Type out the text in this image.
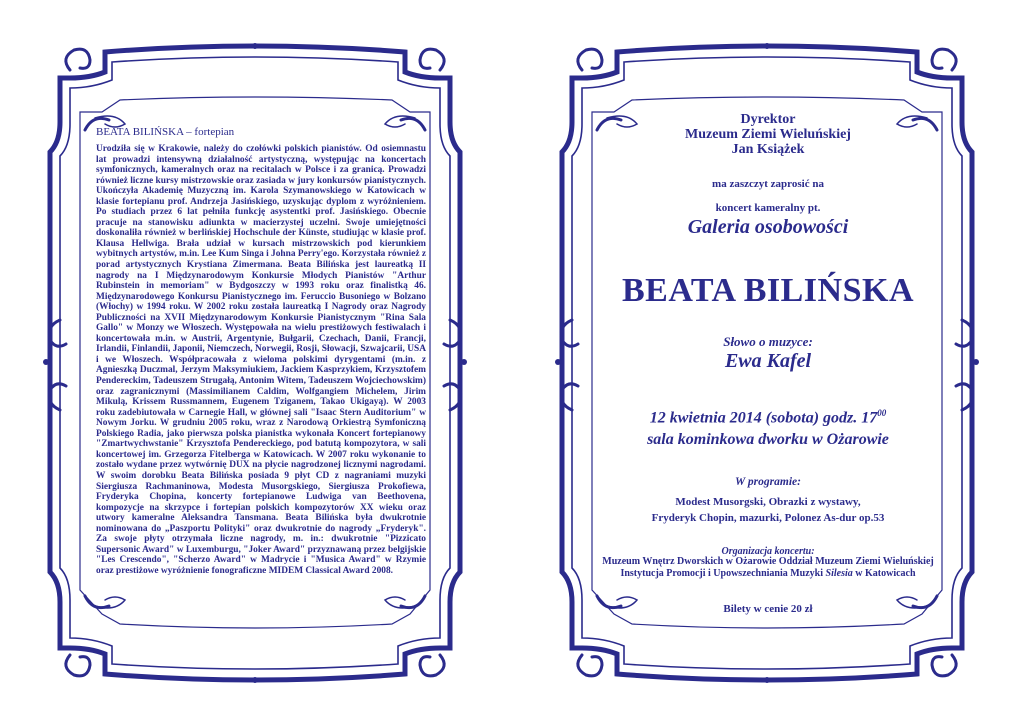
BEATA BILIŃSKA – fortepian

Urodziła się w Krakowie, należy do czołówki polskich pianistów. Od osiemnastu lat prowadzi intensywną działalność artystyczną, występując na koncertach symfonicznych, kameralnych oraz na recitalach w Polsce i za granicą. Prowadzi również liczne kursy mistrzowskie oraz zasiada w jury konkursów pianistycznych. Ukończyła Akademię Muzyczną im. Karola Szymanowskiego w Katowicach w klasie fortepianu prof. Andrzeja Jasińskiego, uzyskując dyplom z wyróżnieniem. Po studiach przez 6 lat pełniła funkcję asystentki prof. Jasińskiego. Obecnie pracuje na stanowisku adiunkta w macierzystej uczelni. Swoje umiejętności doskonaliła również w berlińskiej Hochschule der Künste, studiując w klasie prof. Klausa Hellwiga. Brała udział w kursach mistrzowskich pod kierunkiem wybitnych artystów, m.in. Lee Kum Singa i Johna Perry'ego. Korzystała również z porad artystycznych Krystiana Zimermana. Beata Bilińska jest laureatką II nagrody na I Międzynarodowym Konkursie Młodych Pianistów "Arthur Rubinstein in memoriam" w Bydgoszczy w 1993 roku oraz finalistką 46. Międzynarodowego Konkursu Pianistycznego im. Feruccio Busoniego w Bolzano (Włochy) w 1994 roku. W 2002 roku została laureatką I Nagrody oraz Nagrody Publiczności na XVII Międzynarodowym Konkursie Pianistycznym "Rina Sala Gallo" w Monzy we Włoszech. Występowała na wielu prestiżowych festiwalach i koncertowała m.in. w Austrii, Argentynie, Bułgarii, Czechach, Danii, Francji, Irlandii, Finlandii, Japonii, Niemczech, Norwegii, Rosji, Słowacji, Szwajcarii, USA i we Włoszech. Współpracowała z wieloma polskimi dyrygentami (m.in. z Agnieszką Duczmal, Jerzym Maksymiukiem, Jackiem Kasprzykiem, Krzysztofem Pendereckim, Tadeuszem Strugałą, Antonim Witem, Tadeuszem Wojciechowskim) oraz zagranicznymi (Massimilianem Caldim, Wolfgangiem Michelem, Jirim Mikulą, Krissem Russmannem, Eugenem Tziganem, Takao Ukigayą). W 2003 roku zadebiutowała w Carnegie Hall, w głównej sali "Isaac Stern Auditorium" w Nowym Jorku. W grudniu 2005 roku, wraz z Narodową Orkiestrą Symfoniczną Polskiego Radia, jako pierwsza polska pianistka wykonała Koncert fortepianowy "Zmartwychwstanie" Krzysztofa Pendereckiego, pod batutą kompozytora, w sali koncertowej im. Grzegorza Fitelberga w Katowicach. W 2007 roku wykonanie to zostało wydane przez wytwórnię DUX na płycie nagrodzonej licznymi nagrodami. W swoim dorobku Beata Bilińska posiada 9 płyt CD z nagraniami muzyki Siergiusza Rachmaninowa, Modesta Musorgskiego, Siergiusza Prokofiewa, Fryderyka Chopina, koncerty fortepianowe Ludwiga van Beethovena, kompozycje na skrzypce i fortepian polskich kompozytorów XX wieku oraz utwory kameralne Aleksandra Tansmana. Beata Bilińska była dwukrotnie nominowana do „Paszportu Polityki" oraz dwukrotnie do nagrody „Fryderyk". Za swoje płyty otrzymała liczne nagrody, m. in.: dwukrotnie "Pizzicato Supersonic Award" w Luxemburgu, "Joker Award" przyznawaną przez belgijskie "Les Crescendo", "Scherzo Award" w Madrycie i "Musica Award" w Rzymie oraz prestiżowe wyróżnienie fonograficzne MIDEM Classical Award 2008.

Dyrektor
Muzeum Ziemi Wieluńskiej
Jan Książek
ma zaszczyt zaprosić na
koncert kameralny pt.
Galeria osobowości
BEATA BILIŃSKA
Słowo o muzyce:
Ewa Kafel
12 kwietnia 2014 (sobota) godz. $17^{00}$
sala kominkowa dworku w Ożarowie
W programie:
Modest Musorgski, Obrazki z wystawy,
Fryderyk Chopin, mazurki, Polonez As-dur op.53
Organizacja koncertu:
Muzeum Wnętrz Dworskich w Ożarowie Oddział Muzeum Ziemi Wieluńskiej
Instytucja Promocji i Upowszechniania Muzyki Silesia w Katowicach
Bilety w cenie 20 zł
